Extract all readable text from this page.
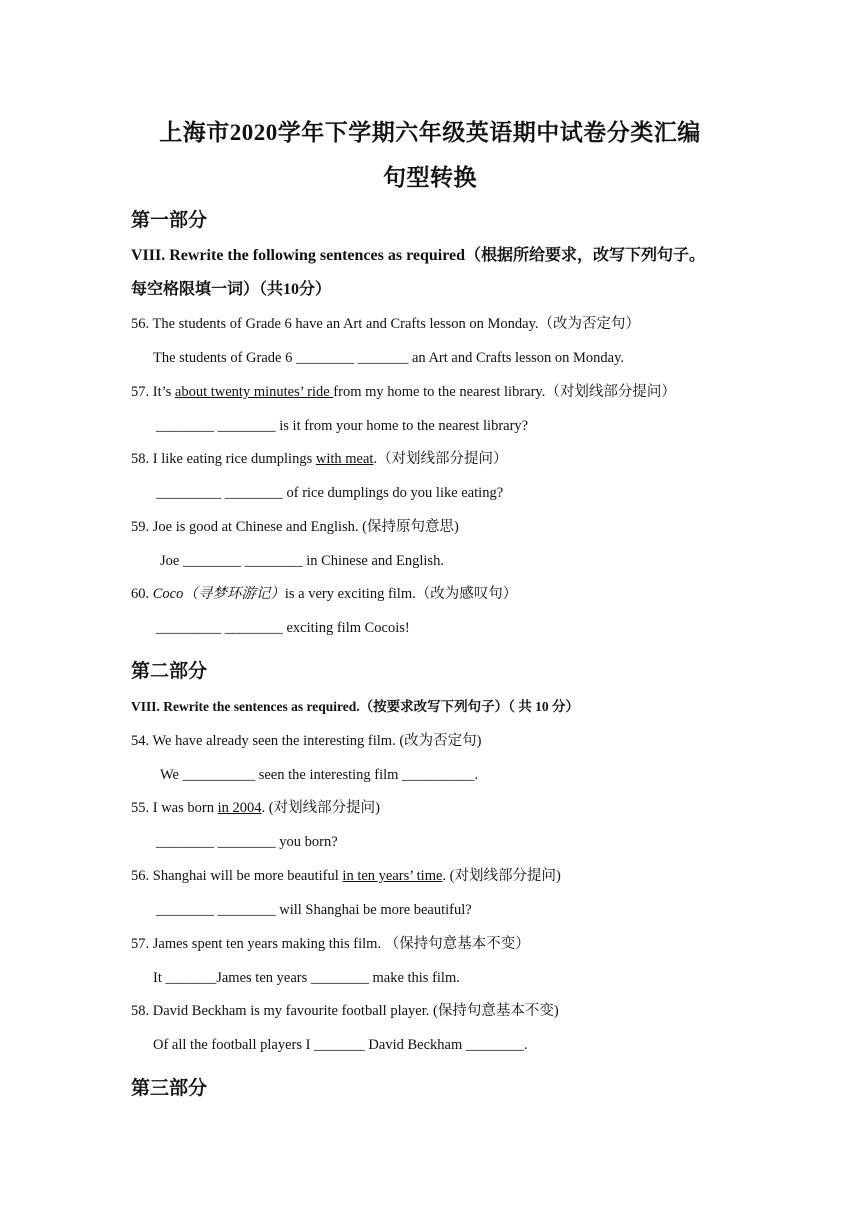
上海市2020学年下学期六年级英语期中试卷分类汇编
句型转换
第一部分
VIII. Rewrite the following sentences as required（根据所给要求，改写下列句子。
每空格限填一词）（共10分）
56. The students of Grade 6 have an Art and Crafts lesson on Monday.（改为否定句）
The students of Grade 6 ________ _______ an Art and Crafts lesson on Monday.
57. It’s about twenty minutes’ ride from my home to the nearest library.（对划线部分提问）
________ ________ is it from your home to the nearest library?
58. I like eating rice dumplings with meat.（对划线部分提问）
_________ ________ of rice dumplings do you like eating?
59. Joe is good at Chinese and English. (保持原句意思)
Joe ________ ________ in Chinese and English.
60. Coco（寻梦环游记）is a very exciting film.（改为感叹句）
_________ ________ exciting film Cocois!
第二部分
VIII. Rewrite the sentences as required.（按要求改写下列句子）（ 共 10 分）
54. We have already seen the interesting film. (改为否定句)
We __________ seen the interesting film __________.
55. I was born in 2004. (对划线部分提问)
________ ________ you born?
56. Shanghai will be more beautiful in ten years’ time. (对划线部分提问)
________ ________ will Shanghai be more beautiful?
57. James spent ten years making this film. （保持句意基本不变）
It _______James ten years ________ make this film.
58. David Beckham is my favourite football player. (保持句意基本不变)
Of all the football players I _______ David Beckham ________.
第三部分
